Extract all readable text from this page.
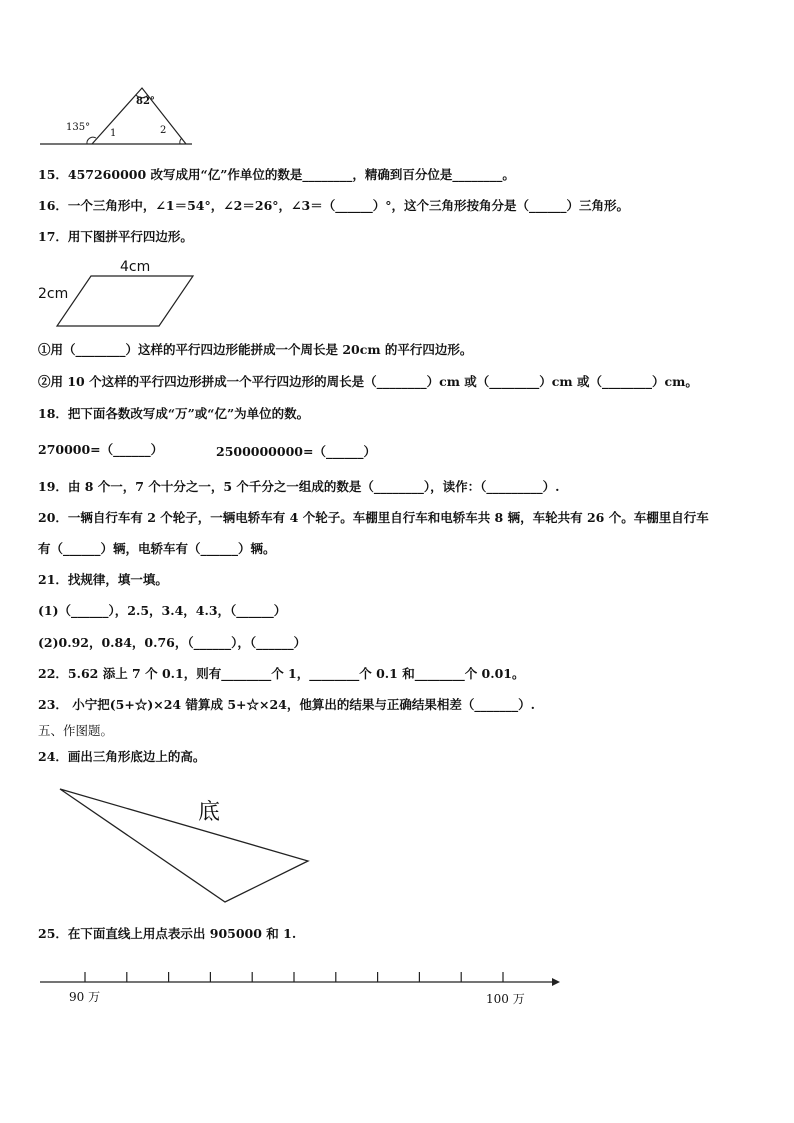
82°
135°
1	2
15．457260000 改写成用“亿”作单位的数是________，精确到百分位是________。
16．一个三角形中，∠1＝54°，∠2＝26°，∠3＝（______）°，这个三角形按角分是（______）三角形。
17．用下图拼平行四边形。
4cm
2cm
①用（________）这样的平行四边形能拼成一个周长是 20cm 的平行四边形。
②用 10 个这样的平行四边形拼成一个平行四边形的周长是（________）cm 或（________）cm 或（________）cm。
18．把下面各数改写成“万”或“亿”为单位的数。
270000=（______）	2500000000=（______）
19．由 8 个一，7 个十分之一，5 个千分之一组成的数是（________），读作：（_________）.
20．一辆自行车有 2 个轮子，一辆电轿车有 4 个轮子。车棚里自行车和电轿车共 8 辆，车轮共有 26 个。车棚里自行车
有（______）辆，电轿车有（______）辆。
21．找规律，填一填。
(1)（______），2.5，3.4，4.3，（______）
(2)0.92，0.84，0.76，（______），（______）
22．5.62 添上 7 个 0.1，则有________个 1，________个 0.1 和________个 0.01。
23． 小宁把(5+☆)×24 错算成 5+☆×24，他算出的结果与正确结果相差（_______）.
五、作图题。
24．画出三角形底边上的高。
底
25．在下面直线上用点表示出 905000 和 1.
90 万	100 万
